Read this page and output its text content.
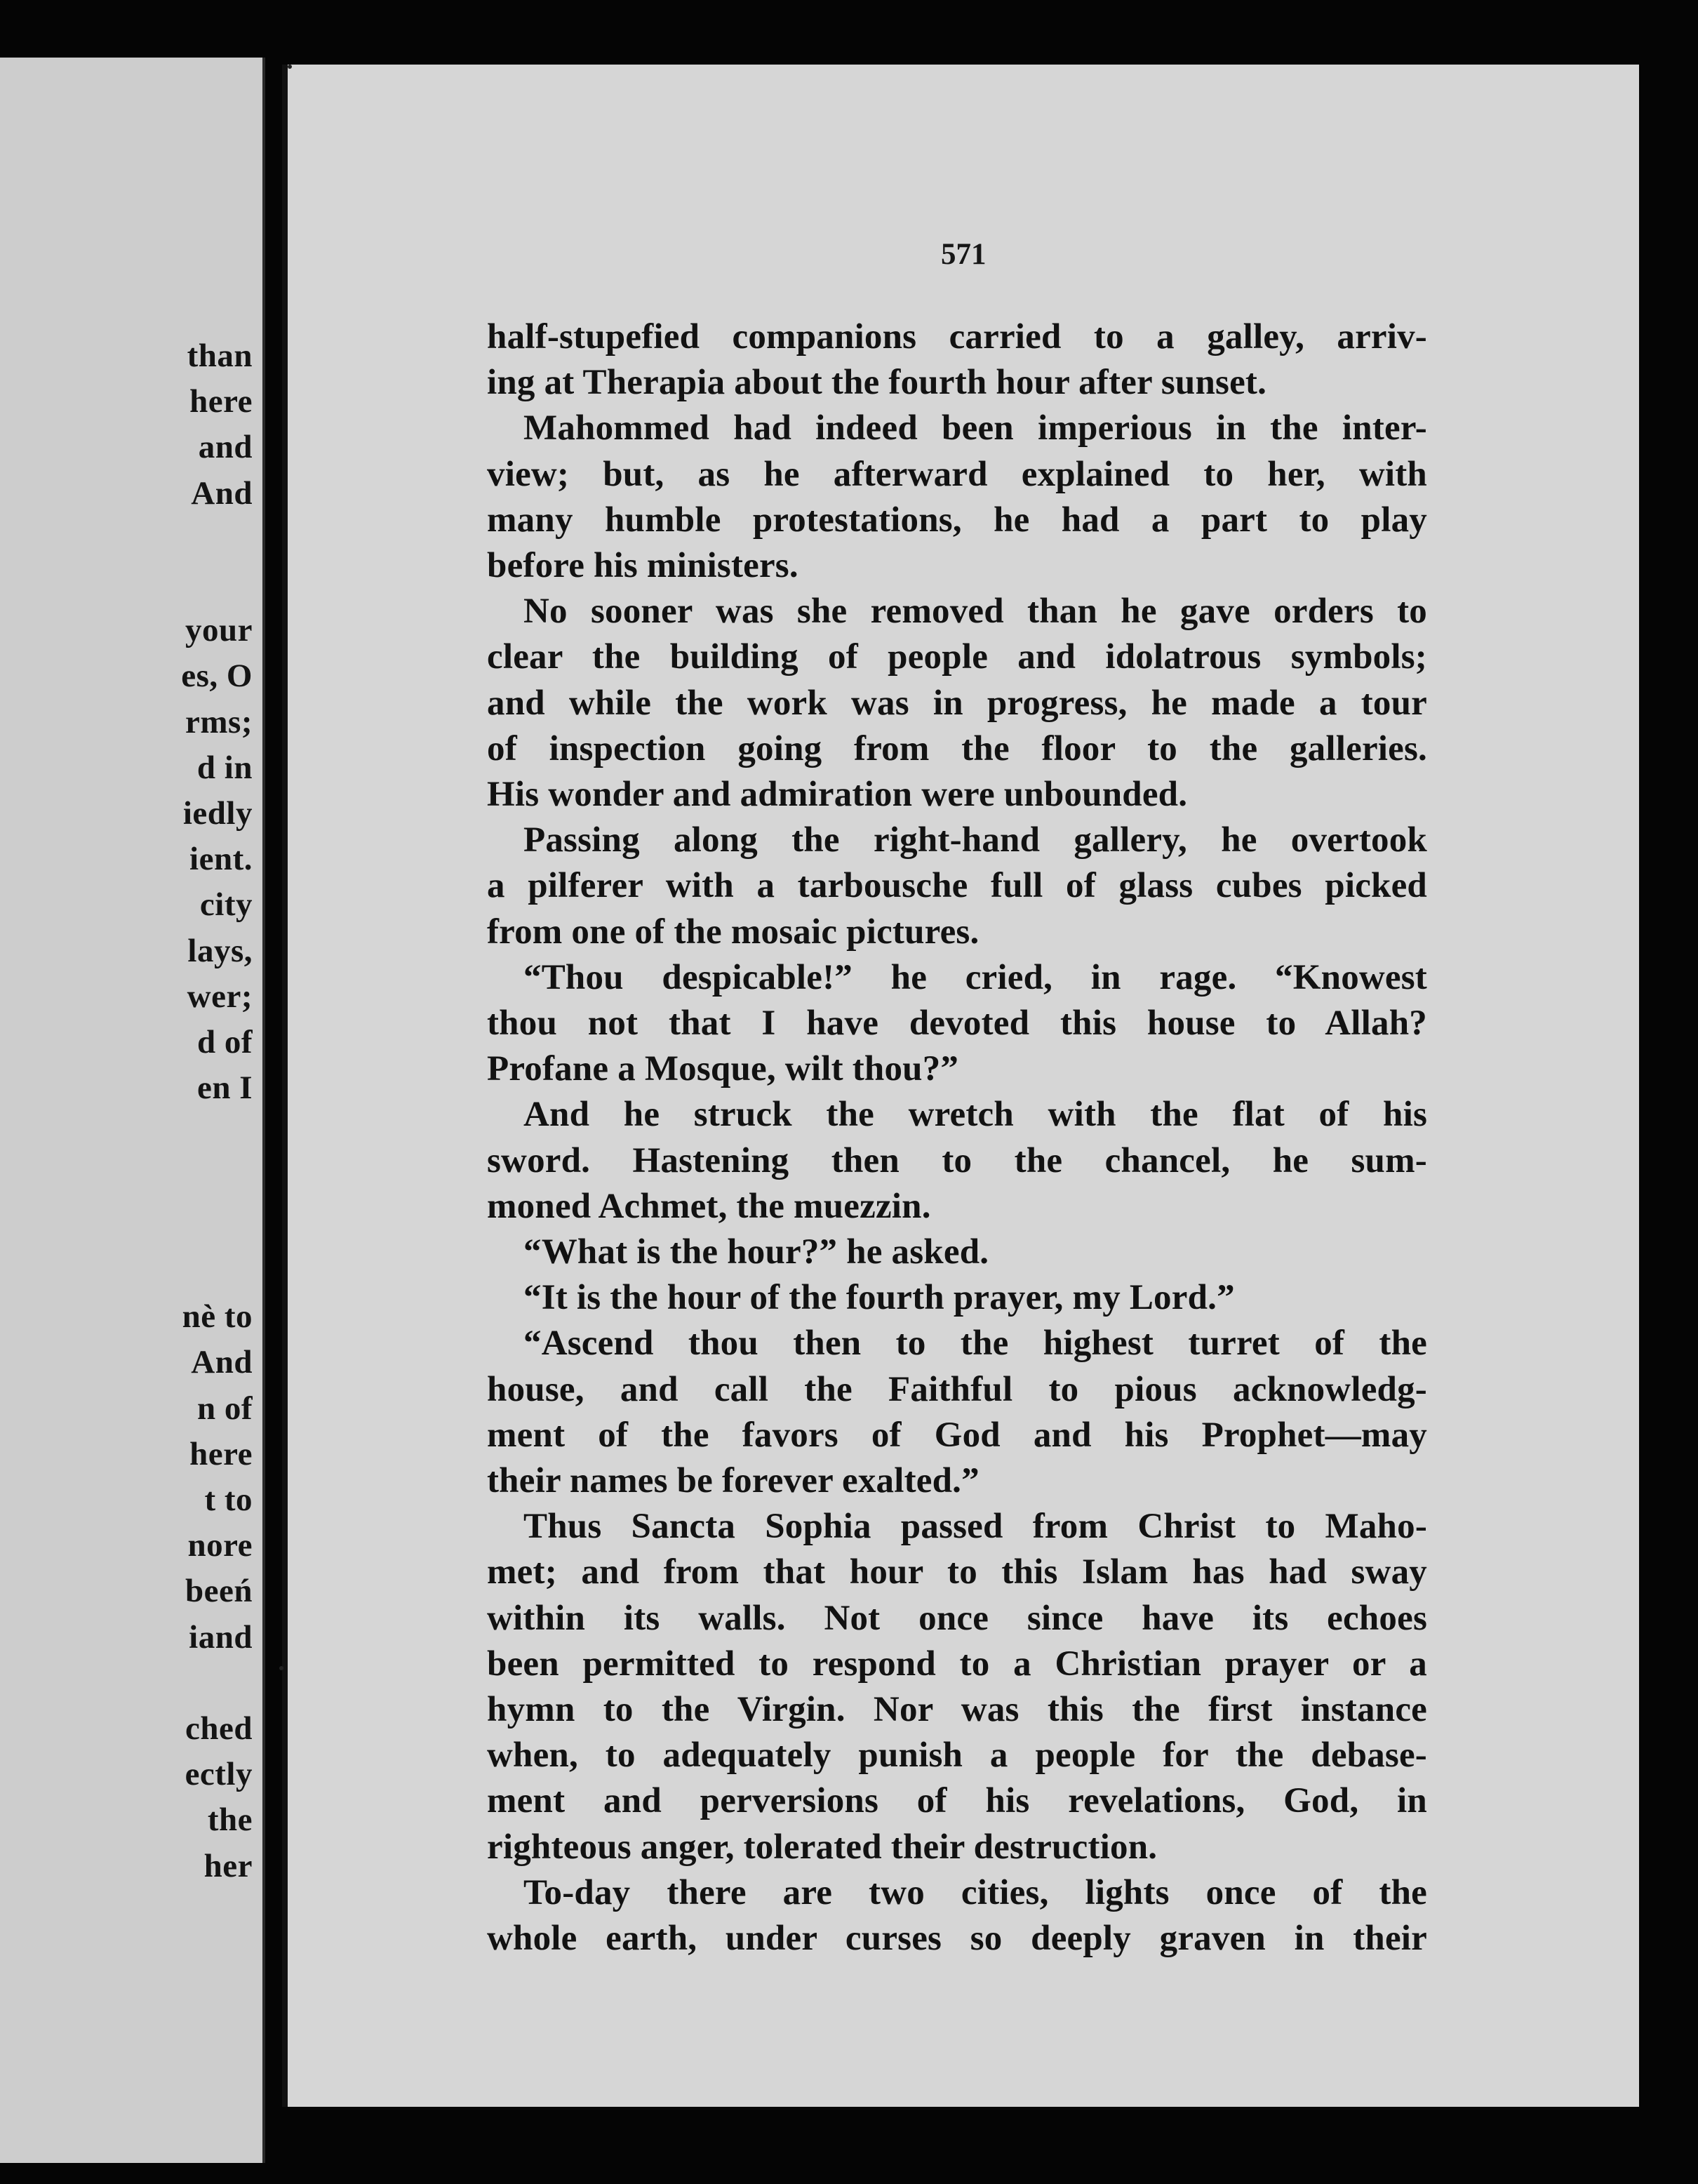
than
here
and
And
your
es, O
rms;
d in
iedly
ient.
city
lays,
wer;
d of
en I
nè to
And
n of
here
t to
nore
beeń
iand
ched
ectly
the
her
571
half-stupefied companions carried to a galley, arriv-
ing at Therapia about the fourth hour after sunset.
Mahommed had indeed been imperious in the inter-
view; but, as he afterward explained to her, with
many humble protestations, he had a part to play
before his ministers.
No sooner was she removed than he gave orders to
clear the building of people and idolatrous symbols;
and while the work was in progress, he made a tour
of inspection going from the floor to the galleries.
His wonder and admiration were unbounded.
Passing along the right-hand gallery, he overtook
a pilferer with a tarbousche full of glass cubes picked
from one of the mosaic pictures.
“Thou despicable!” he cried, in rage. “Knowest
thou not that I have devoted this house to Allah?
Profane a Mosque, wilt thou?”
And he struck the wretch with the flat of his
sword. Hastening then to the chancel, he sum-
moned Achmet, the muezzin.
“What is the hour?” he asked.
“It is the hour of the fourth prayer, my Lord.”
“Ascend thou then to the highest turret of the
house, and call the Faithful to pious acknowledg-
ment of the favors of God and his Prophet—may
their names be forever exalted.”
Thus Sancta Sophia passed from Christ to Maho-
met; and from that hour to this Islam has had sway
within its walls. Not once since have its echoes
been permitted to respond to a Christian prayer or a
hymn to the Virgin. Nor was this the first instance
when, to adequately punish a people for the debase-
ment and perversions of his revelations, God, in
righteous anger, tolerated their destruction.
To-day there are two cities, lights once of the
whole earth, under curses so deeply graven in their
